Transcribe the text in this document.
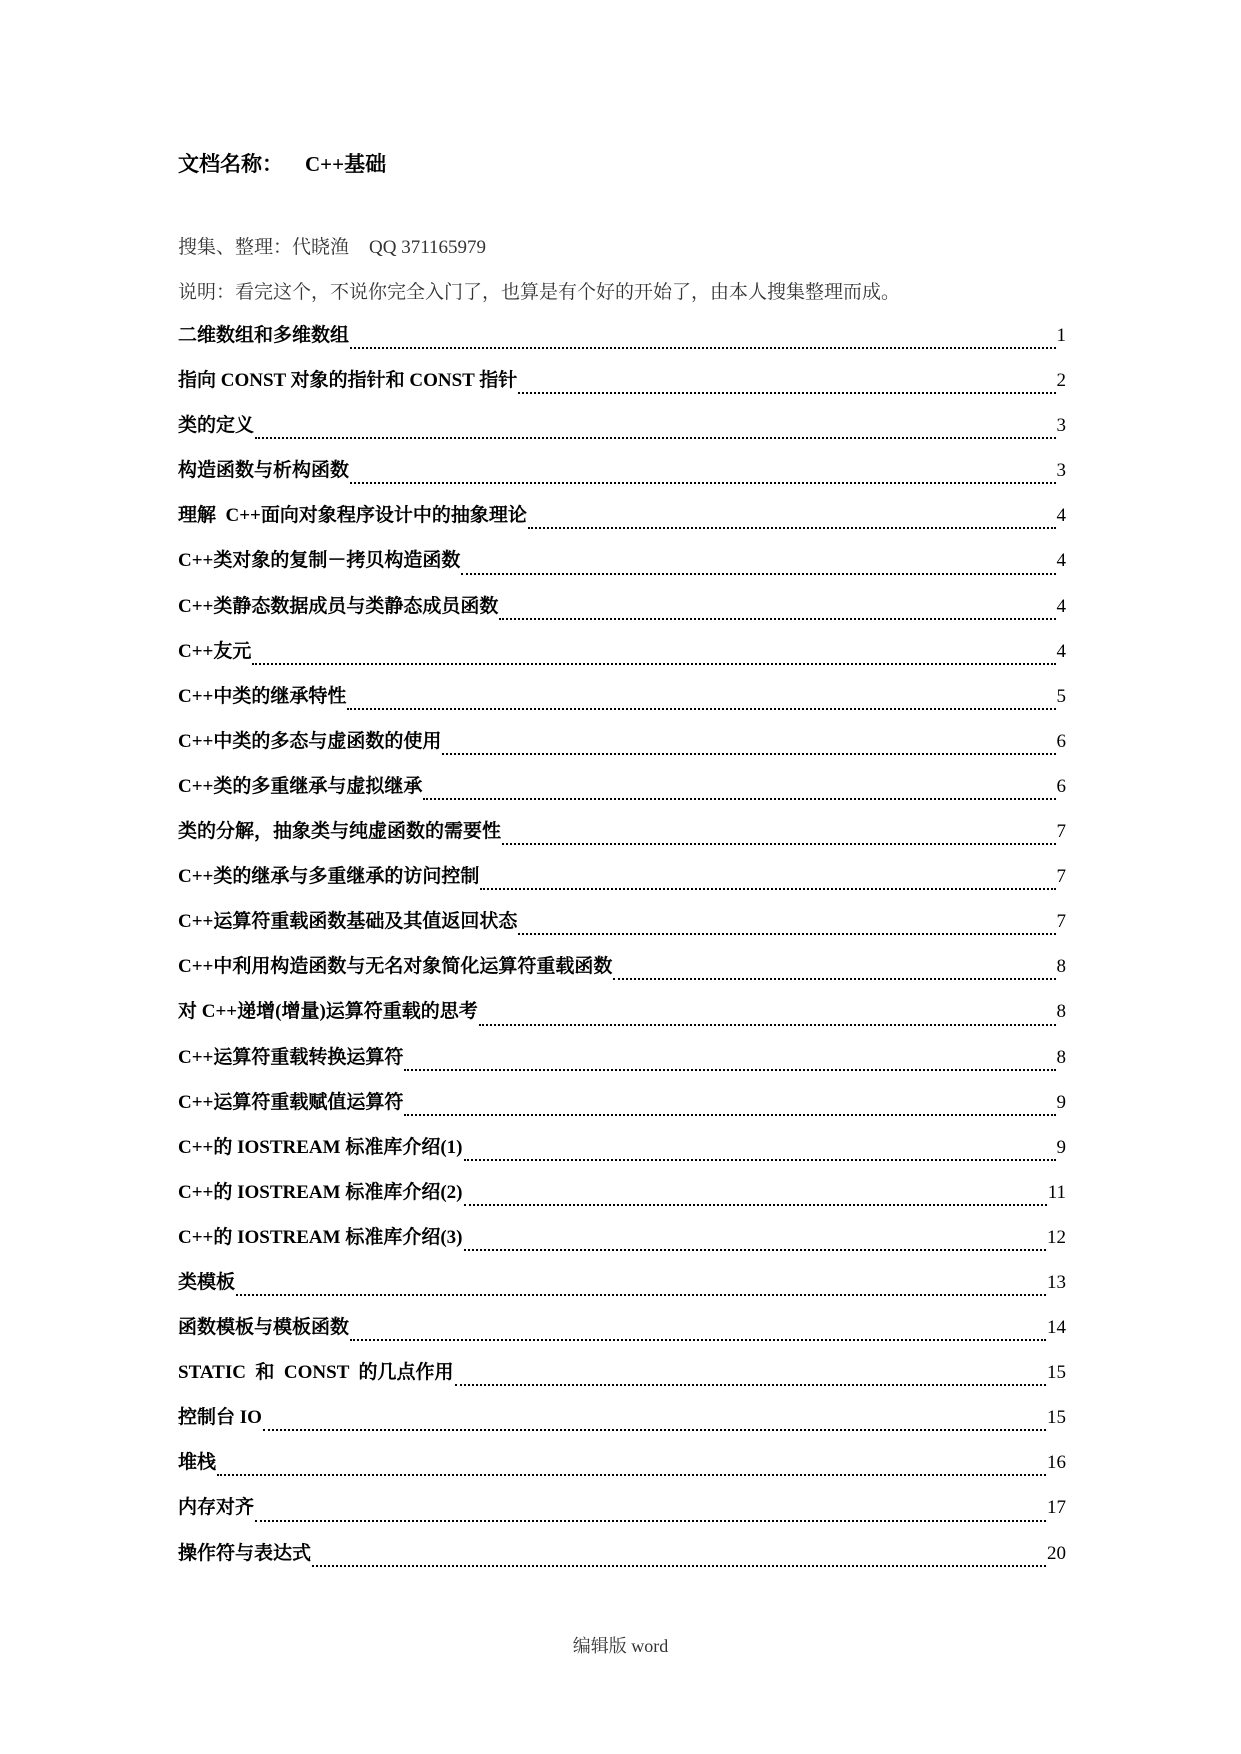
文档名称： C++基础
搜集、整理：代晓渔 QQ 371165979
说明：看完这个，不说你完全入门了，也算是有个好的开始了，由本人搜集整理而成。
二维数组和多维数组	1
指向 CONST 对象的指针和 CONST 指针	2
类的定义	3
构造函数与析构函数	3
理解  C++面向对象程序设计中的抽象理论	4
C++类对象的复制－拷贝构造函数	4
C++类静态数据成员与类静态成员函数	4
C++友元	4
C++中类的继承特性	5
C++中类的多态与虚函数的使用	6
C++类的多重继承与虚拟继承	6
类的分解，抽象类与纯虚函数的需要性	7
C++类的继承与多重继承的访问控制	7
C++运算符重载函数基础及其值返回状态	7
C++中利用构造函数与无名对象简化运算符重载函数	8
对 C++递增(增量)运算符重载的思考	8
C++运算符重载转换运算符	8
C++运算符重载赋值运算符	9
C++的 IOSTREAM 标准库介绍(1)	9
C++的 IOSTREAM 标准库介绍(2)	11
C++的 IOSTREAM 标准库介绍(3)	12
类模板	13
函数模板与模板函数	14
STATIC  和  CONST  的几点作用	15
控制台 IO	15
堆栈	16
内存对齐	17
操作符与表达式	20
编辑版 word
